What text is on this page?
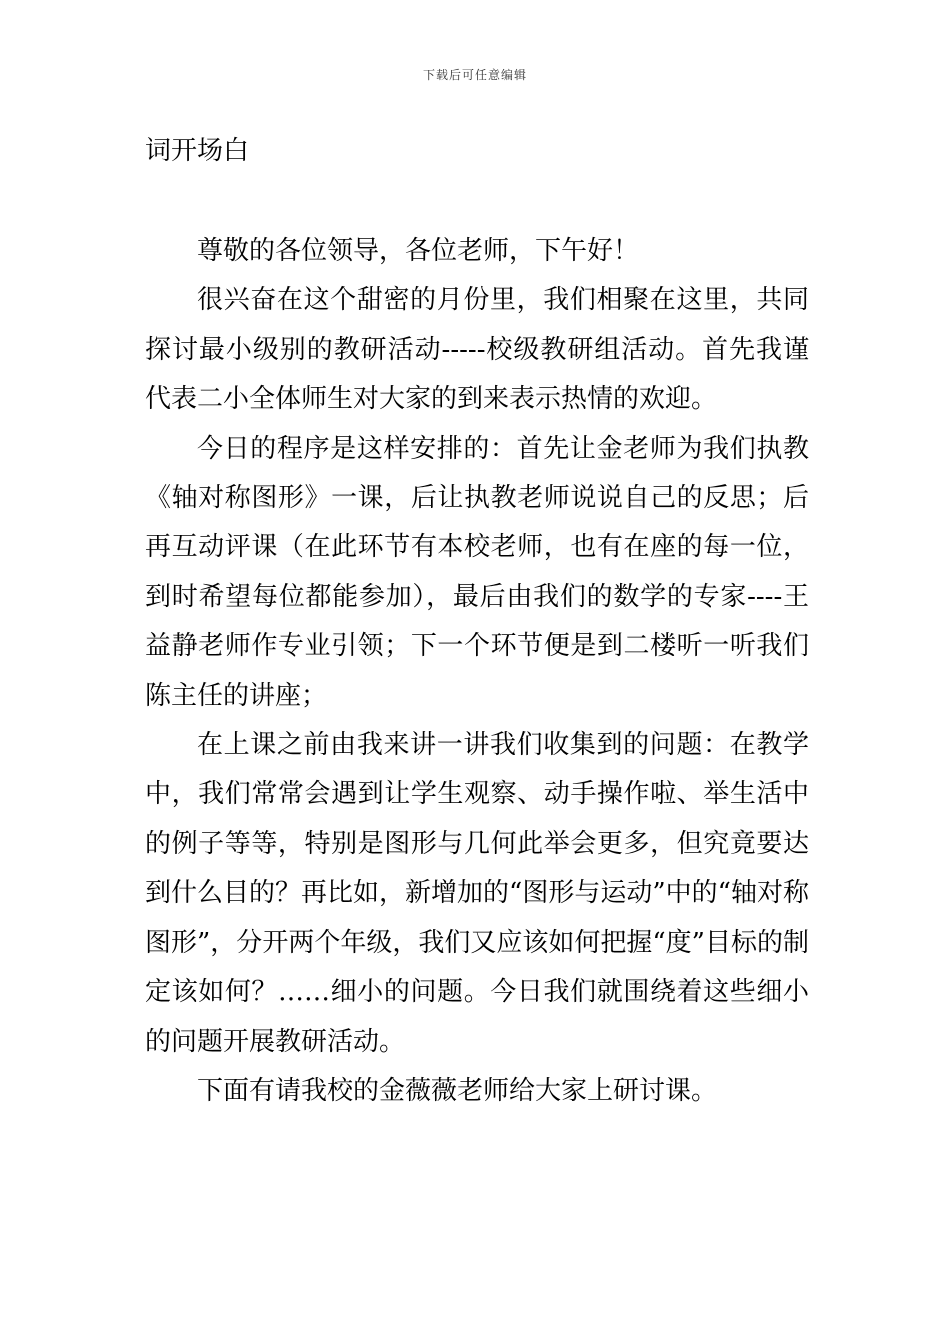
下载后可任意编辑
词开场白

尊敬的各位领导，各位老师，下午好！

很兴奋在这个甜密的月份里，我们相聚在这里，共同探讨最小级别的教研活动-----校级教研组活动。首先我谨代表二小全体师生对大家的到来表示热情的欢迎。

今日的程序是这样安排的：首先让金老师为我们执教《轴对称图形》一课，后让执教老师说说自己的反思；后再互动评课（在此环节有本校老师，也有在座的每一位，到时希望每位都能参加），最后由我们的数学的专家----王益静老师作专业引领；下一个环节便是到二楼听一听我们陈主任的讲座；

在上课之前由我来讲一讲我们收集到的问题：在教学中，我们常常会遇到让学生观察、动手操作啦、举生活中的例子等等，特别是图形与几何此举会更多，但究竟要达到什么目的？再比如，新增加的“图形与运动”中的“轴对称图形”，分开两个年级，我们又应该如何把握“度”目标的制定该如何？……细小的问题。今日我们就围绕着这些细小的问题开展教研活动。

下面有请我校的金薇薇老师给大家上研讨课。
